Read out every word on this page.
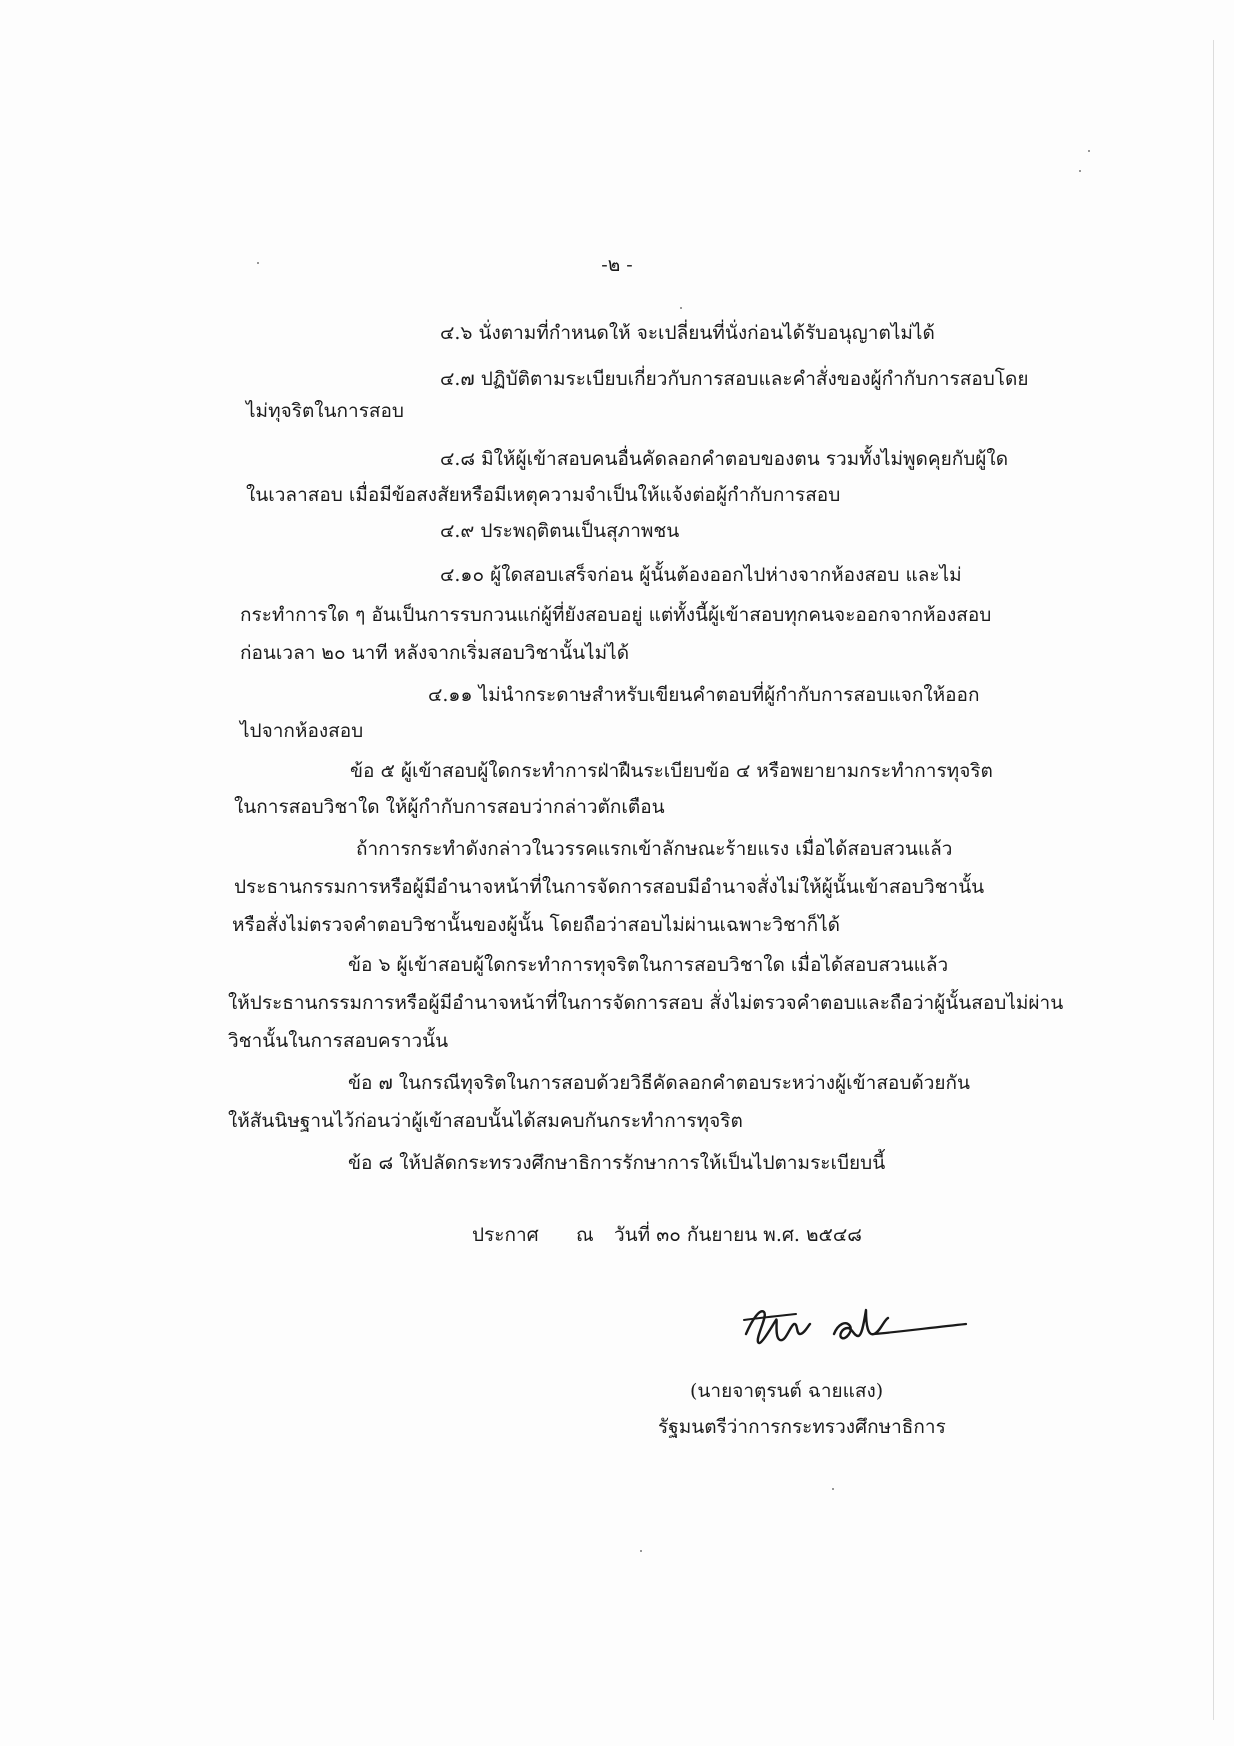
-๒ -
๔.๖ นั่งตามที่กำหนดให้ จะเปลี่ยนที่นั่งก่อนได้รับอนุญาตไม่ได้
๔.๗ ปฏิบัติตามระเบียบเกี่ยวกับการสอบและคำสั่งของผู้กำกับการสอบโดย
ไม่ทุจริตในการสอบ
๔.๘ มิให้ผู้เข้าสอบคนอื่นคัดลอกคำตอบของตน รวมทั้งไม่พูดคุยกับผู้ใด
ในเวลาสอบ เมื่อมีข้อสงสัยหรือมีเหตุความจำเป็นให้แจ้งต่อผู้กำกับการสอบ
๔.๙ ประพฤติตนเป็นสุภาพชน
๔.๑๐ ผู้ใดสอบเสร็จก่อน ผู้นั้นต้องออกไปห่างจากห้องสอบ และไม่
กระทำการใด ๆ อันเป็นการรบกวนแก่ผู้ที่ยังสอบอยู่ แต่ทั้งนี้ผู้เข้าสอบทุกคนจะออกจากห้องสอบ
ก่อนเวลา ๒๐ นาที หลังจากเริ่มสอบวิชานั้นไม่ได้
๔.๑๑ ไม่นำกระดาษสำหรับเขียนคำตอบที่ผู้กำกับการสอบแจกให้ออก
ไปจากห้องสอบ
ข้อ ๕ ผู้เข้าสอบผู้ใดกระทำการฝ่าฝืนระเบียบข้อ ๔ หรือพยายามกระทำการทุจริต
ในการสอบวิชาใด ให้ผู้กำกับการสอบว่ากล่าวตักเตือน
ถ้าการกระทำดังกล่าวในวรรคแรกเข้าลักษณะร้ายแรง เมื่อได้สอบสวนแล้ว
ประธานกรรมการหรือผู้มีอำนาจหน้าที่ในการจัดการสอบมีอำนาจสั่งไม่ให้ผู้นั้นเข้าสอบวิชานั้น
หรือสั่งไม่ตรวจคำตอบวิชานั้นของผู้นั้น โดยถือว่าสอบไม่ผ่านเฉพาะวิชาก็ได้
ข้อ ๖ ผู้เข้าสอบผู้ใดกระทำการทุจริตในการสอบวิชาใด เมื่อได้สอบสวนแล้ว
ให้ประธานกรรมการหรือผู้มีอำนาจหน้าที่ในการจัดการสอบ สั่งไม่ตรวจคำตอบและถือว่าผู้นั้นสอบไม่ผ่าน
วิชานั้นในการสอบคราวนั้น
ข้อ ๗ ในกรณีทุจริตในการสอบด้วยวิธีคัดลอกคำตอบระหว่างผู้เข้าสอบด้วยกัน
ให้สันนิษฐานไว้ก่อนว่าผู้เข้าสอบนั้นได้สมคบกันกระทำการทุจริต
ข้อ ๘ ให้ปลัดกระทรวงศึกษาธิการรักษาการให้เป็นไปตามระเบียบนี้
ประกาศ ณ วันที่ ๓๐ กันยายน พ.ศ. ๒๕๔๘
(นายจาตุรนต์ ฉายแสง)
รัฐมนตรีว่าการกระทรวงศึกษาธิการ
